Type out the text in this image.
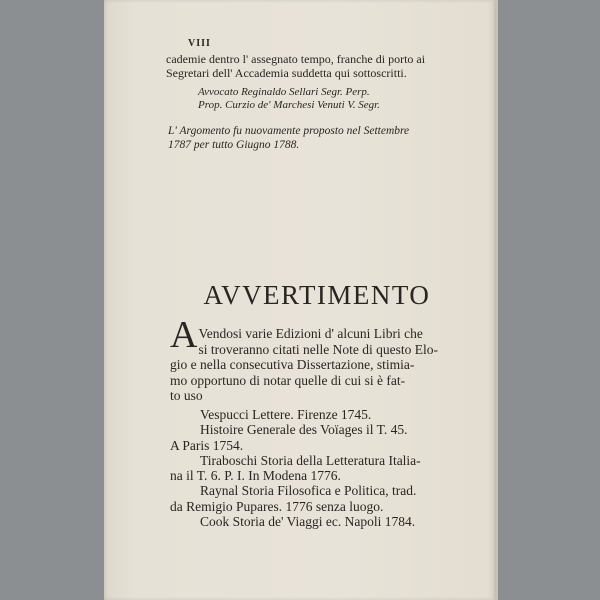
VIII
cademie dentro l' assegnato tempo, franche di porto ai
Segretari dell' Accademia suddetta qui sottoscritti.
Avvocato Reginaldo Sellari Segr. Perp.
Prop. Curzio de' Marchesi Venuti V. Segr.
L' Argomento fu nuovamente proposto nel Settembre
1787 per tutto Giugno 1788.
AVVERTIMENTO
A Vendosi varie Edizioni d' alcuni Libri che
si troveranno citati nelle Note di questo Elo-
gio e nella consecutiva Dissertazione, stimia-
mo opportuno di notar quelle di cui si è fat-
to uso
Vespucci Lettere. Firenze 1745.
Histoire Generale des Voïages il T. 45.
A Paris 1754.
Tiraboschi Storia della Letteratura Italia-
na il T. 6. P. I. In Modena 1776.
Raynal Storia Filosofica e Politica, trad.
da Remigio Pupares. 1776 senza luogo.
Cook Storia de' Viaggi ec. Napoli 1784.
